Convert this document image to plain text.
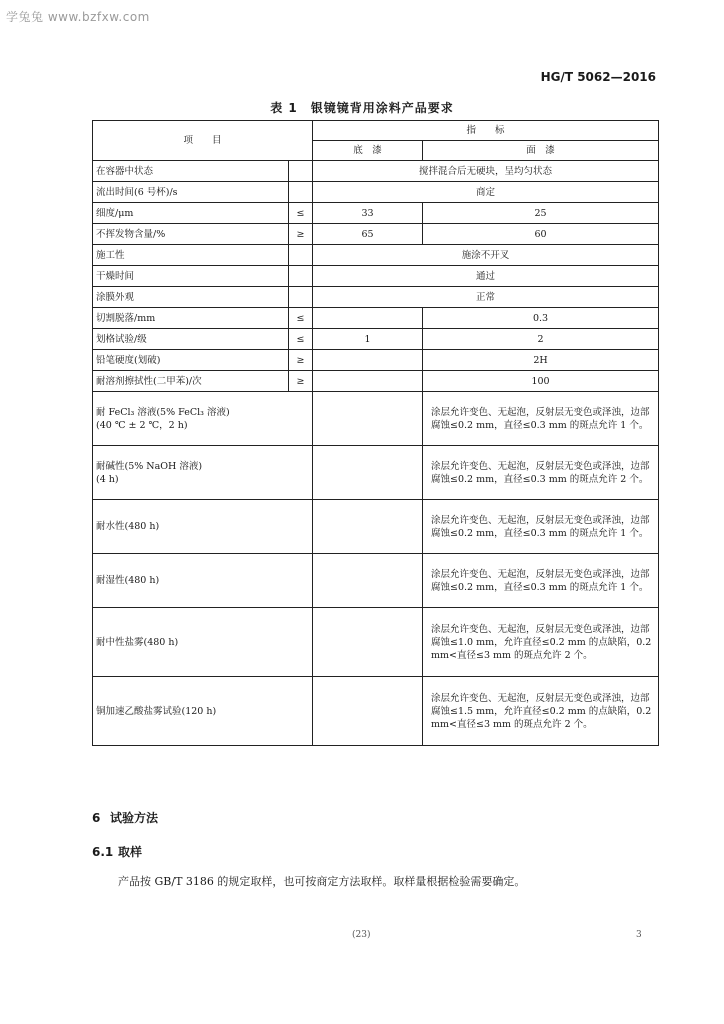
学兔兔 www.bzfxw.com
HG/T 5062—2016
表 1　银镜镜背用涂料产品要求
项　　目		指　　标	
		底　漆	面　漆
在容器中状态		搅拌混合后无硬块，呈均匀状态	
流出时间(6 号杯)/s		商定	
细度/μm	≤	33	25
不挥发物含量/%	≥	65	60
施工性		施涂不开叉	
干燥时间		通过	
涂膜外观		正常	
切割脱落/mm	≤		0.3
划格试验/级	≤	1	2
铅笔硬度(划破)	≥		2H
耐溶剂擦拭性(二甲苯)/次	≥		100

耐 FeCl₃ 溶液(5% FeCl₃ 溶液)
(40 ℃ ± 2 ℃，2 h)			涂层允许变色、无起泡，反射层无变色或泽浊，边部腐蚀≤0.2 mm，直径≤0.3 mm 的斑点允许 1 个。

耐碱性(5% NaOH 溶液)
(4 h)			涂层允许变色、无起泡，反射层无变色或泽浊，边部腐蚀≤0.2 mm，直径≤0.3 mm 的斑点允许 2 个。

耐水性(480 h)			涂层允许变色、无起泡，反射层无变色或泽浊，边部腐蚀≤0.2 mm，直径≤0.3 mm 的斑点允许 1 个。

耐湿性(480 h)			涂层允许变色、无起泡，反射层无变色或泽浊，边部腐蚀≤0.2 mm，直径≤0.3 mm 的斑点允许 1 个。

耐中性盐雾(480 h)			涂层允许变色、无起泡，反射层无变色或泽浊，边部腐蚀≤1.0 mm，允许直径≤0.2 mm 的点缺陷，0.2 mm<直径≤3 mm 的斑点允许 2 个。

铜加速乙酸盐雾试验(120 h)			涂层允许变色、无起泡，反射层无变色或泽浊，边部腐蚀≤1.5 mm，允许直径≤0.2 mm 的点缺陷，0.2 mm<直径≤3 mm 的斑点允许 2 个。
6 试验方法
6.1 取样
产品按 GB/T 3186 的规定取样，也可按商定方法取样。取样量根据检验需要确定。
(23)	3
